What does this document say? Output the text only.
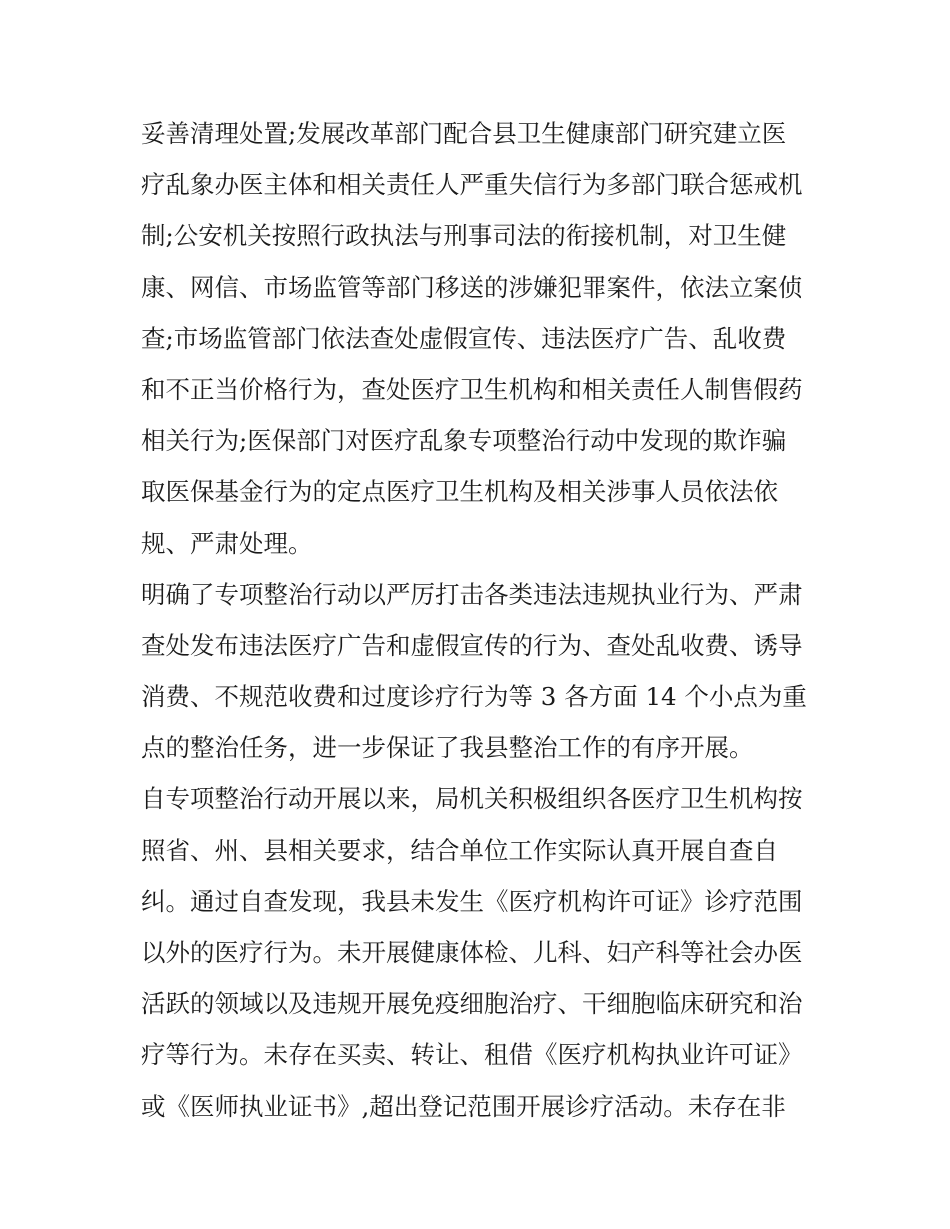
妥善清理处置;发展改革部门配合县卫生健康部门研究建立医
疗乱象办医主体和相关责任人严重失信行为多部门联合惩戒机
制;公安机关按照行政执法与刑事司法的衔接机制，对卫生健
康、网信、市场监管等部门移送的涉嫌犯罪案件，依法立案侦
查;市场监管部门依法查处虚假宣传、违法医疗广告、乱收费
和不正当价格行为，查处医疗卫生机构和相关责任人制售假药
相关行为;医保部门对医疗乱象专项整治行动中发现的欺诈骗
取医保基金行为的定点医疗卫生机构及相关涉事人员依法依
规、严肃处理。
明确了专项整治行动以严厉打击各类违法违规执业行为、严肃
查处发布违法医疗广告和虚假宣传的行为、查处乱收费、诱导
消费、不规范收费和过度诊疗行为等 3 各方面 14 个小点为重
点的整治任务，进一步保证了我县整治工作的有序开展。
自专项整治行动开展以来，局机关积极组织各医疗卫生机构按
照省、州、县相关要求，结合单位工作实际认真开展自查自
纠。通过自查发现，我县未发生《医疗机构许可证》诊疗范围
以外的医疗行为。未开展健康体检、儿科、妇产科等社会办医
活跃的领域以及违规开展免疫细胞治疗、干细胞临床研究和治
疗等行为。未存在买卖、转让、租借《医疗机构执业许可证》
或《医师执业证书》,超出登记范围开展诊疗活动。未存在非
